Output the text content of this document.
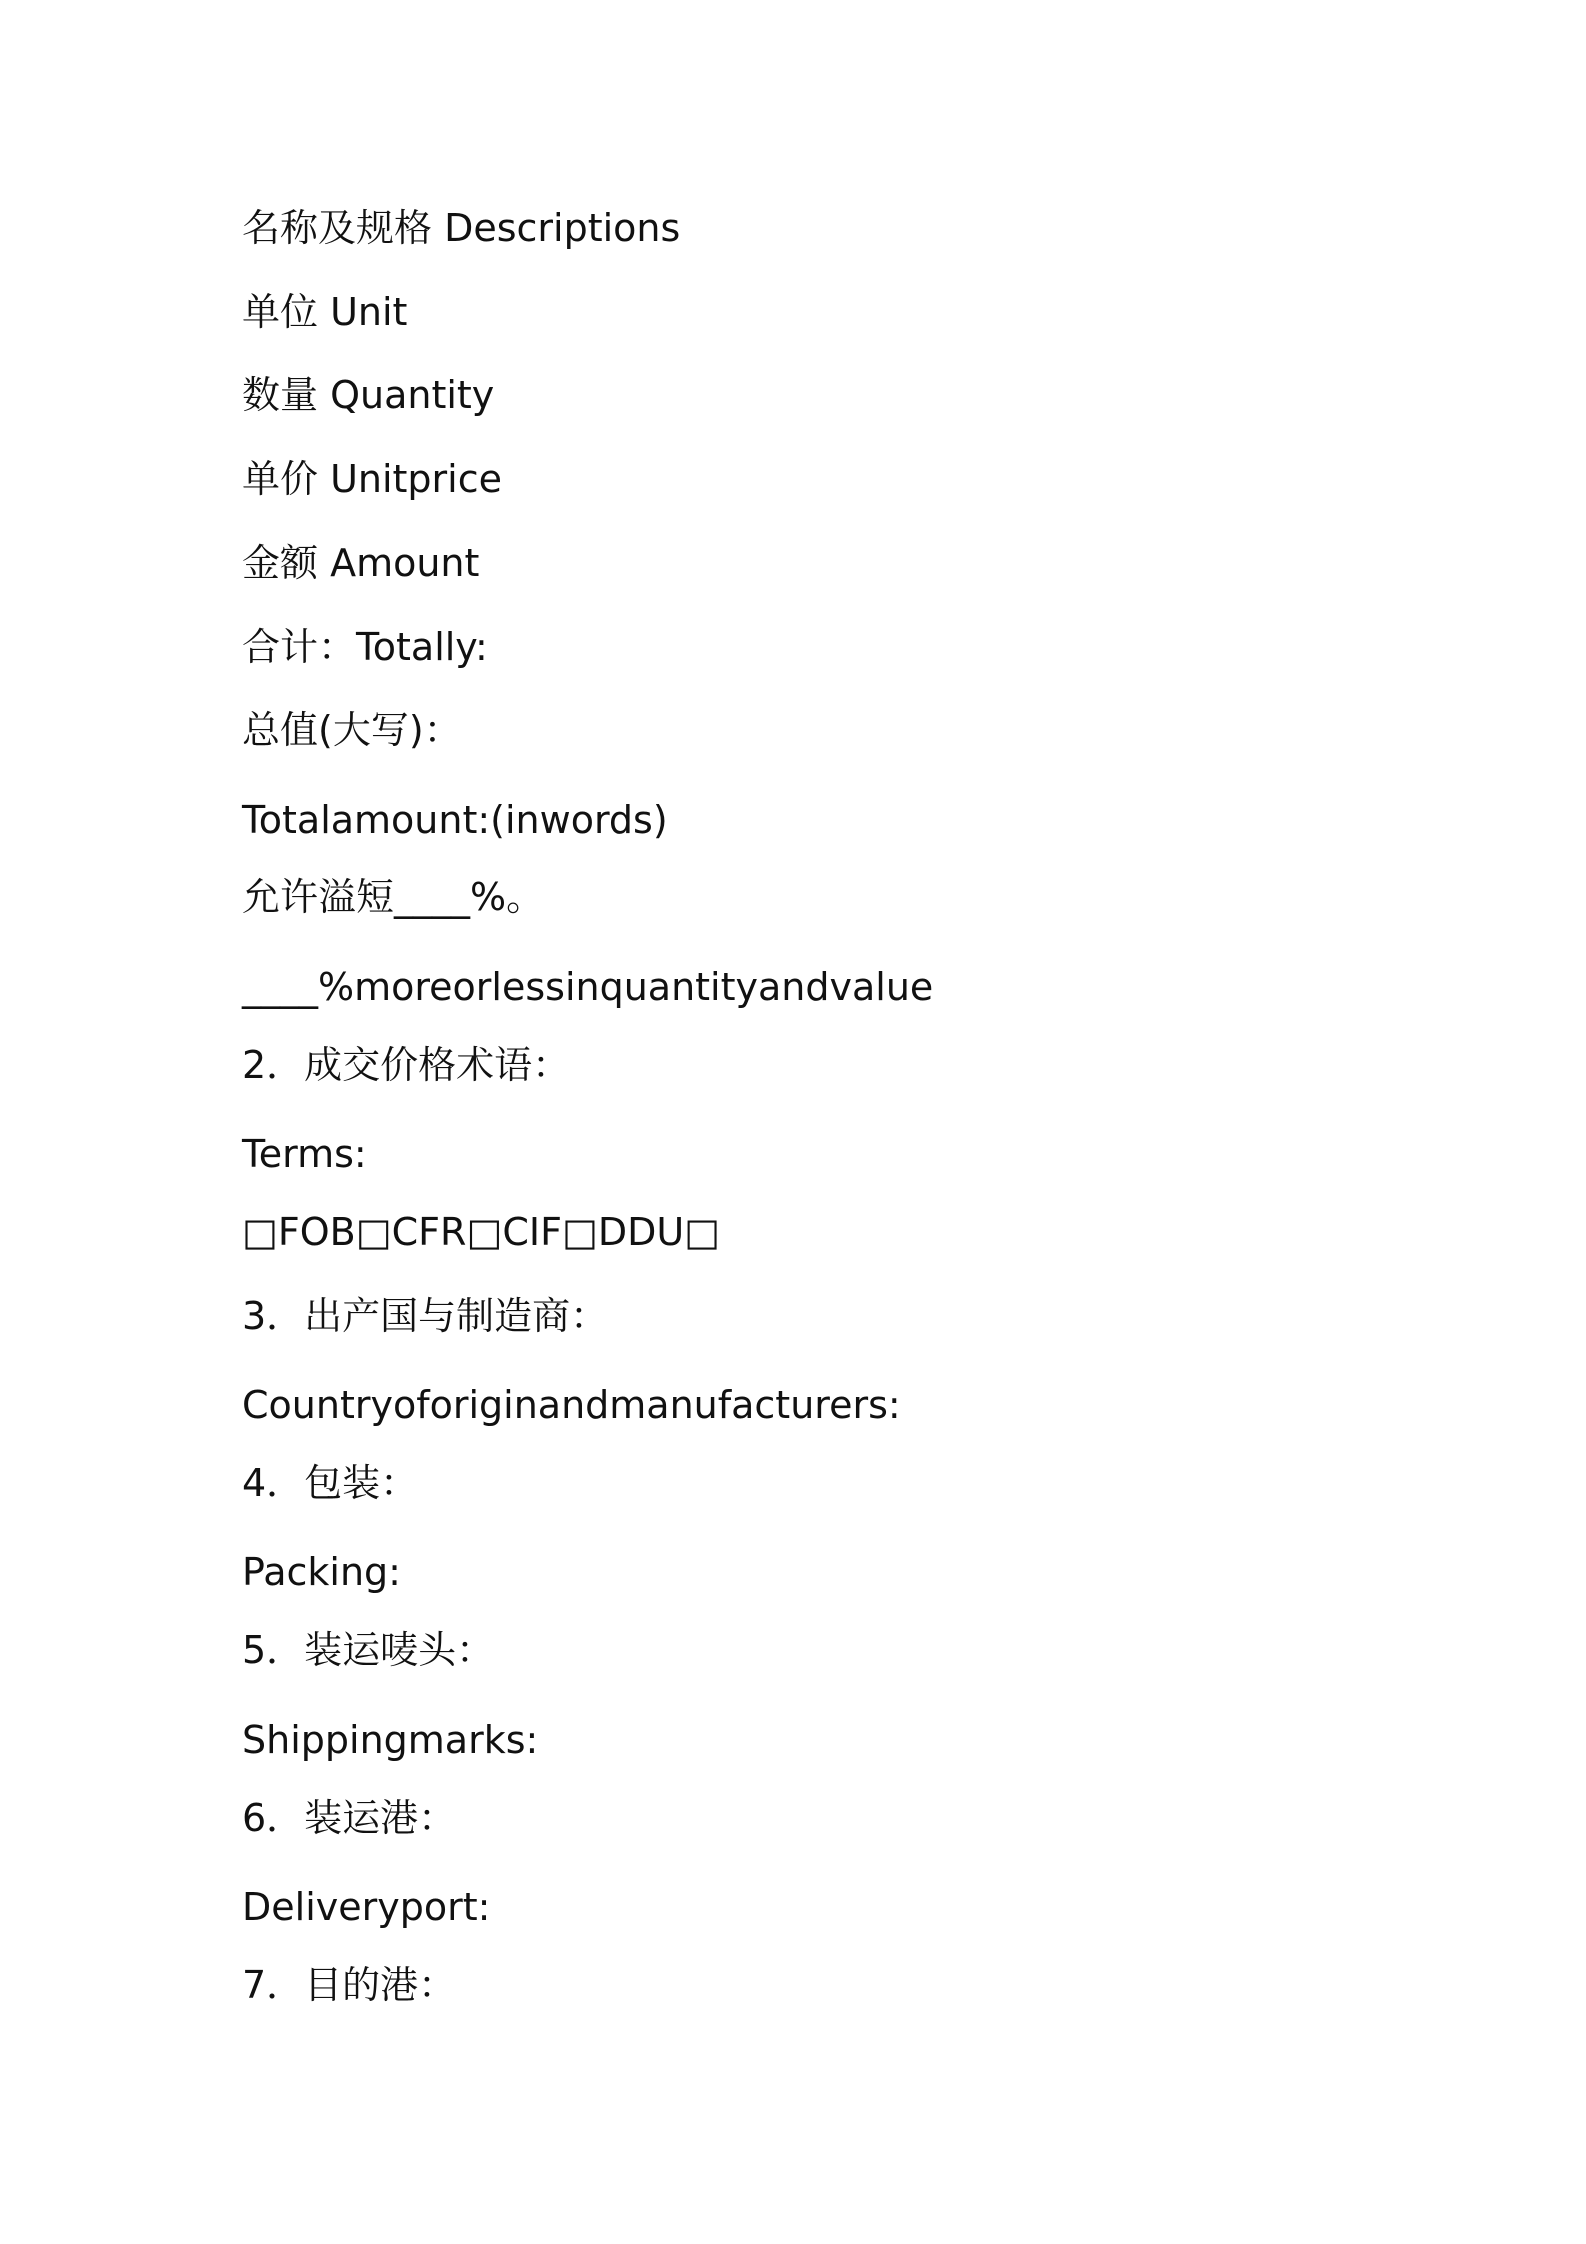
名称及规格 Descriptions
单位 Unit
数量 Quantity
单价 Unitprice
金额 Amount
合计：Totally:
总值(大写)：
Totalamount:(inwords)
允许溢短____%。
____%moreorlessinquantityandvalue
2．成交价格术语：
Terms:
□FOB□CFR□CIF□DDU□
3．出产国与制造商：
Countryoforiginandmanufacturers:
4．包装：
Packing:
5．装运唛头：
Shippingmarks:
6．装运港：
Deliveryport:
7．目的港：
